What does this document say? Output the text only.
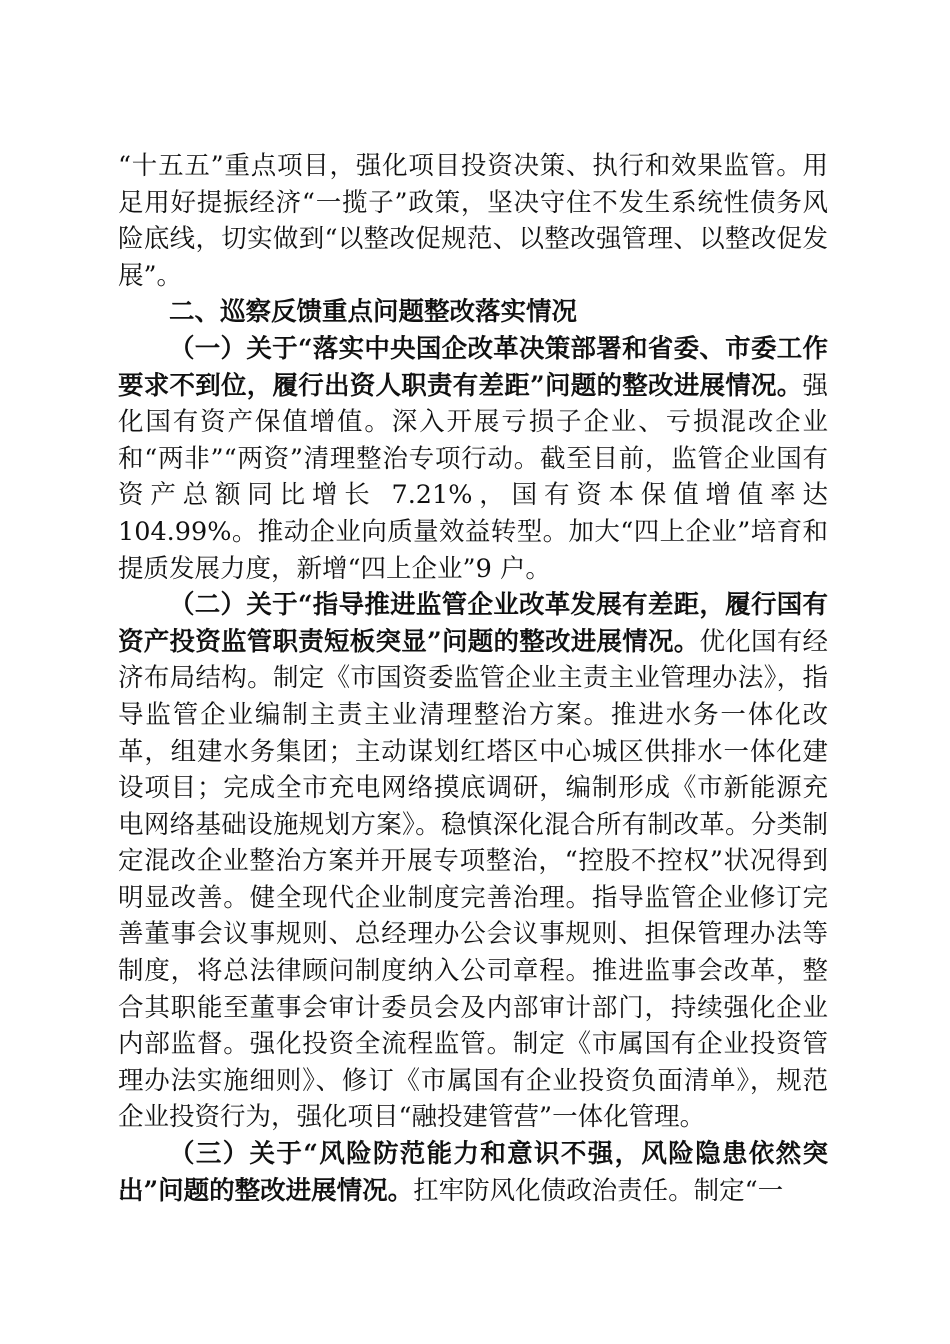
“十五五”重点项目，强化项目投资决策、执行和效果监管。用足用好提振经济“一揽子”政策，坚决守住不发生系统性债务风险底线，切实做到“以整改促规范、以整改强管理、以整改促发展”。

二、巡察反馈重点问题整改落实情况

（一）关于“落实中央国企改革决策部署和省委、市委工作要求不到位，履行出资人职责有差距”问题的整改进展情况。强化国有资产保值增值。深入开展亏损子企业、亏损混改企业和“两非”“两资”清理整治专项行动。截至目前，监管企业国有资产总额同比增长 7.21%，国有资本保值增值率达104.99%。推动企业向质量效益转型。加大“四上企业”培育和提质发展力度，新增“四上企业”9 户。

（二）关于“指导推进监管企业改革发展有差距，履行国有资产投资监管职责短板突显”问题的整改进展情况。优化国有经济布局结构。制定《市国资委监管企业主责主业管理办法》，指导监管企业编制主责主业清理整治方案。推进水务一体化改革，组建水务集团；主动谋划红塔区中心城区供排水一体化建设项目；完成全市充电网络摸底调研，编制形成《市新能源充电网络基础设施规划方案》。稳慎深化混合所有制改革。分类制定混改企业整治方案并开展专项整治，“控股不控权”状况得到明显改善。健全现代企业制度完善治理。指导监管企业修订完善董事会议事规则、总经理办公会议事规则、担保管理办法等制度，将总法律顾问制度纳入公司章程。推进监事会改革，整合其职能至董事会审计委员会及内部审计部门，持续强化企业内部监督。强化投资全流程监管。制定《市属国有企业投资管理办法实施细则》、修订《市属国有企业投资负面清单》，规范企业投资行为，强化项目“融投建管营”一体化管理。

（三）关于“风险防范能力和意识不强，风险隐患依然突出”问题的整改进展情况。扛牢防风化债政治责任。制定“一
